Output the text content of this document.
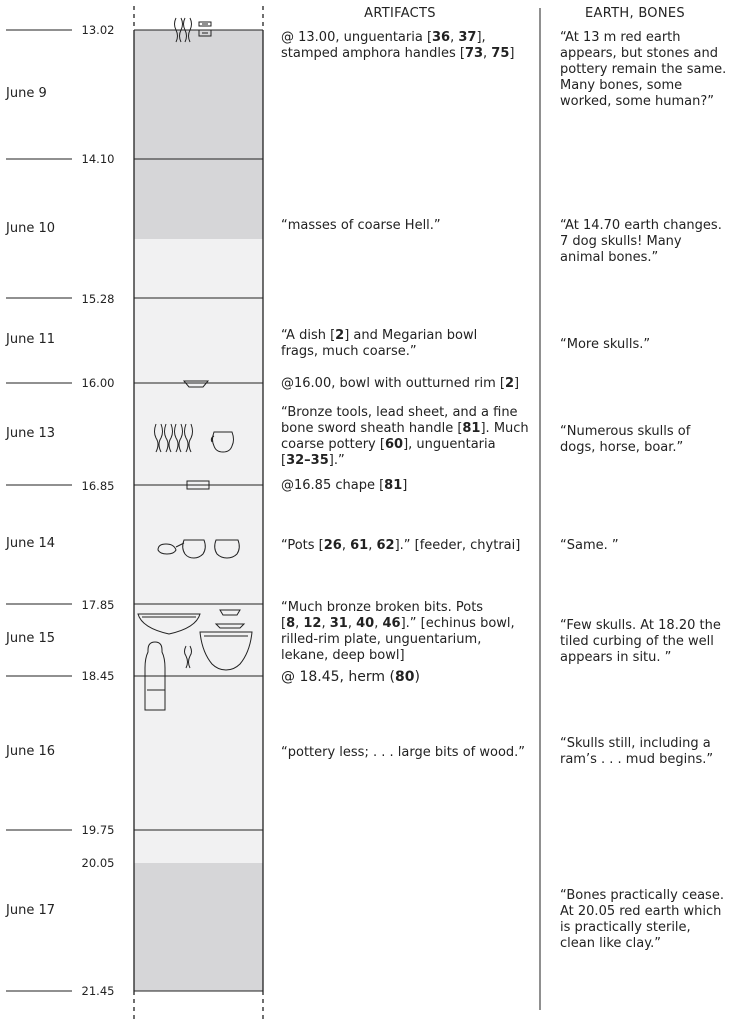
ARTIFACTS	EARTH, BONES
13.02
14.10
15.28
16.00
16.85
17.85
18.45
19.75
20.05
21.45
June 9
June 10
June 11
June 13
June 14
June 15
June 16
June 17
@ 13.00, unguentaria [36, 37],
stamped amphora handles [73, 75]
“masses of coarse Hell.”
“A dish [2] and Megarian bowl
frags, much coarse.”
@16.00, bowl with outturned rim [2]
“Bronze tools, lead sheet, and a fine
bone sword sheath handle [81]. Much
coarse pottery [60], unguentaria
[32–35].”
@16.85 chape [81]
“Pots [26, 61, 62].” [feeder, chytrai]
“Much bronze broken bits. Pots
[8, 12, 31, 40, 46].” [echinus bowl,
rilled-rim plate, unguentarium,
lekane, deep bowl]
@ 18.45, herm (80)
“pottery less; . . . large bits of wood.”
“At 13 m red earth
appears, but stones and
pottery remain the same.
Many bones, some
worked, some human?”
“At 14.70 earth changes.
7 dog skulls! Many
animal bones.”
“More skulls.”
“Numerous skulls of
dogs, horse, boar.”
“Same. ”
“Few skulls. At 18.20 the
tiled curbing of the well
appears in situ. ”
“Skulls still, including a
ram’s . . . mud begins.”
“Bones practically cease.
At 20.05 red earth which
is practically sterile,
clean like clay.”
